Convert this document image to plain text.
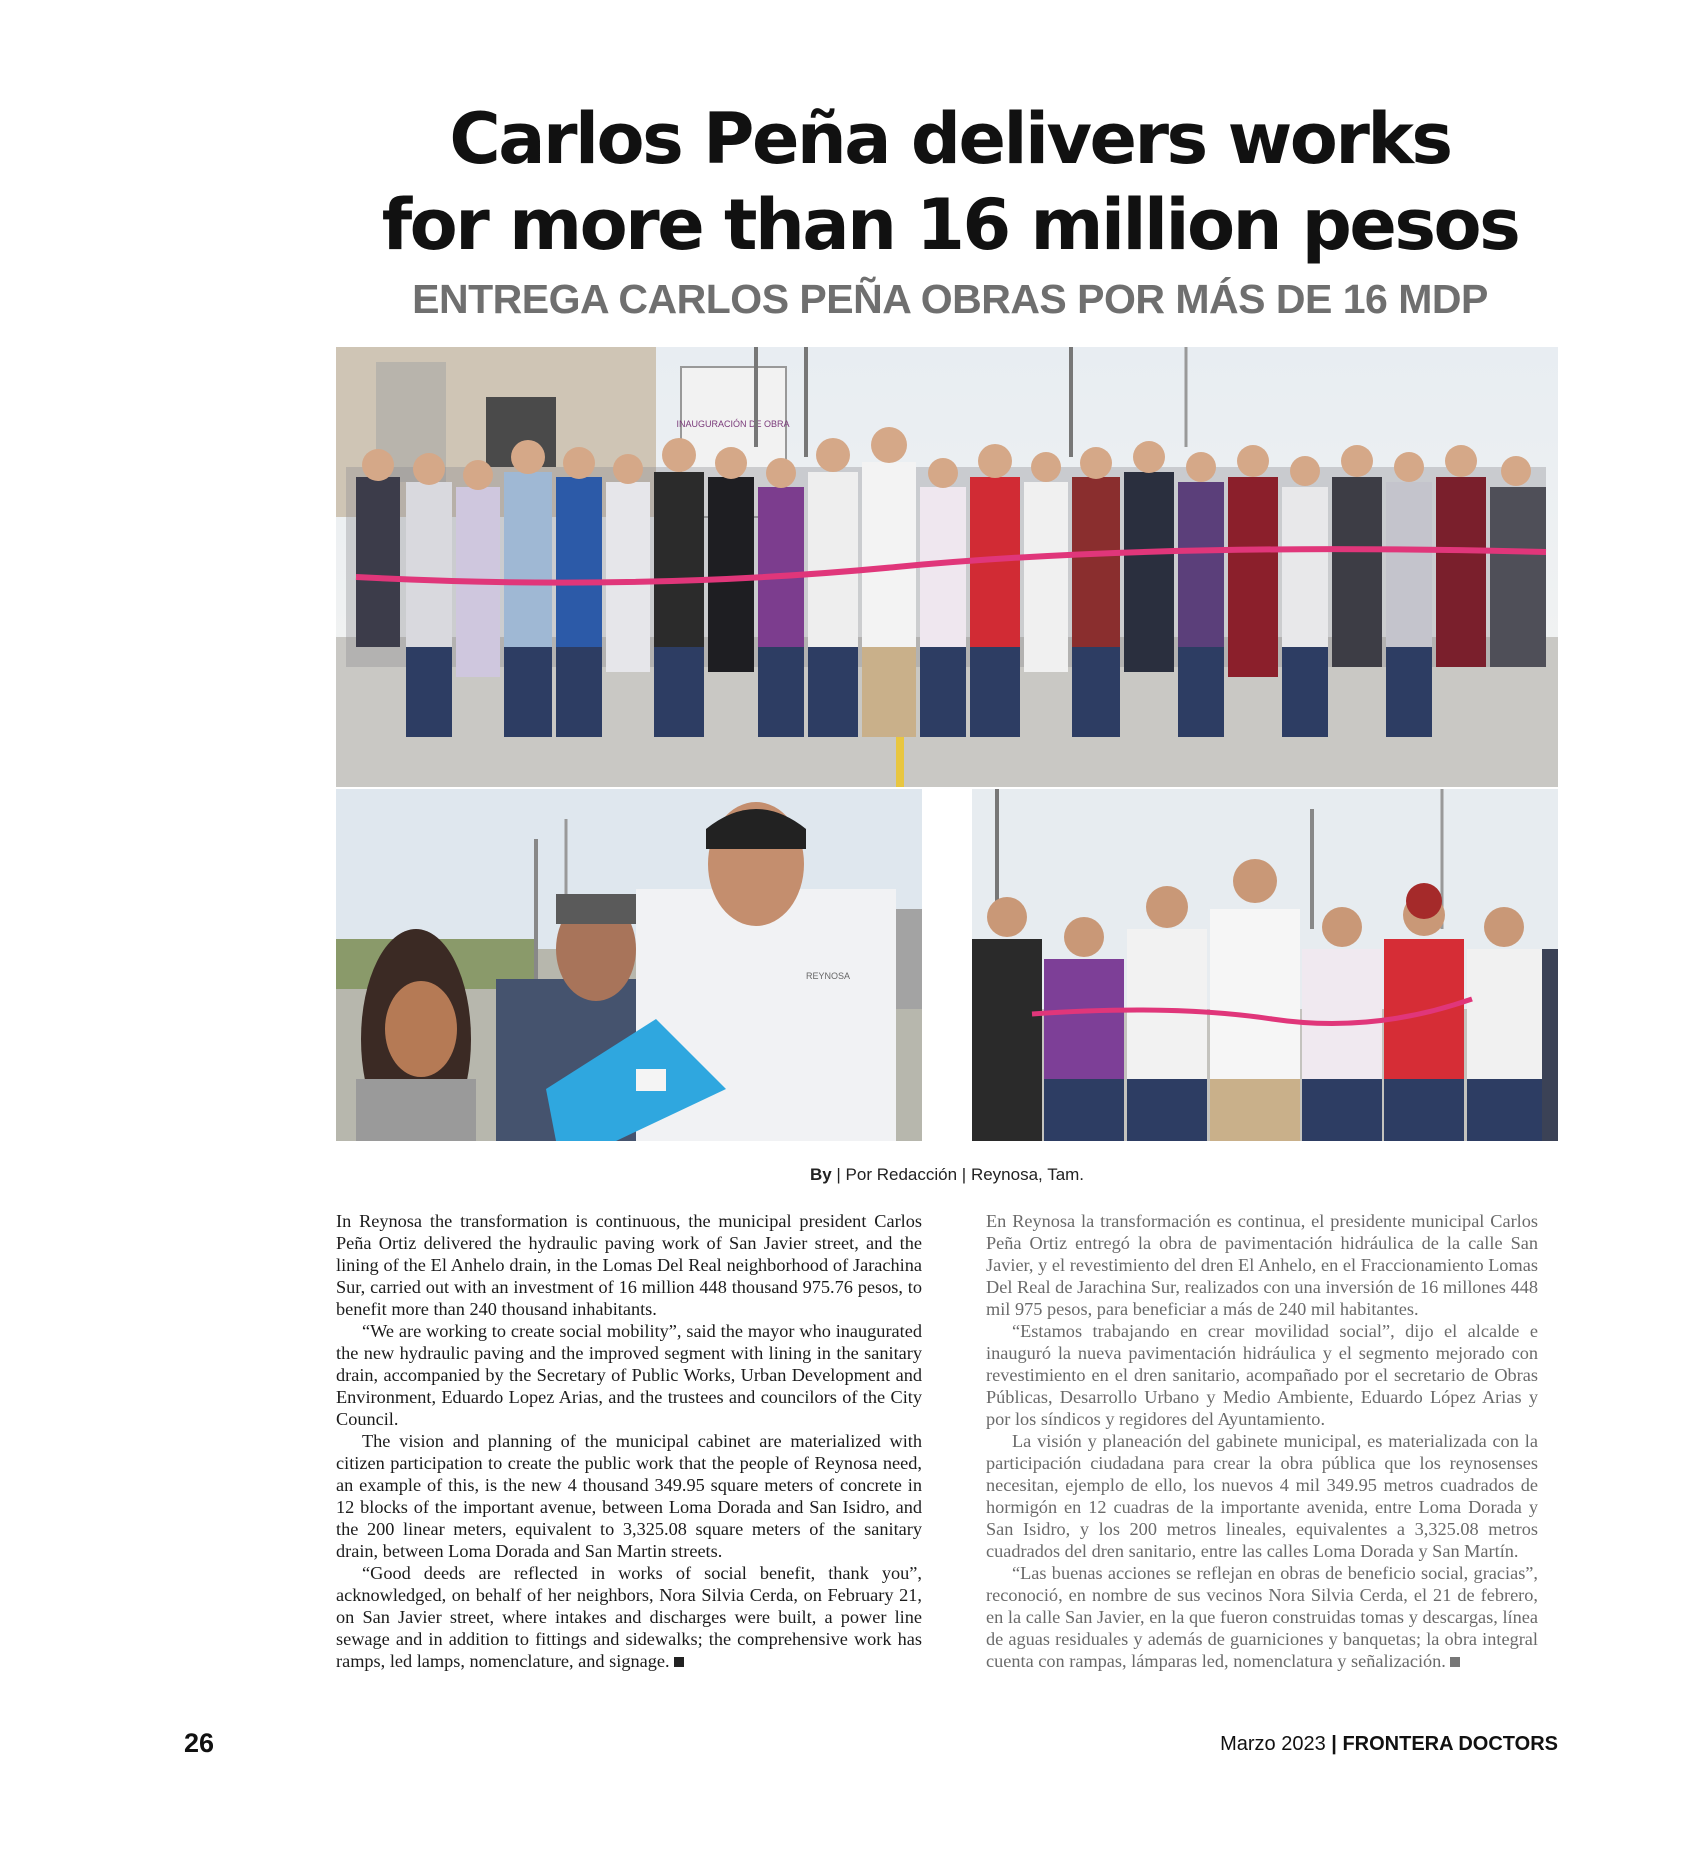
Carlos Peña delivers works
for more than 16 million pesos
ENTREGA CARLOS PEÑA OBRAS POR MÁS DE 16 MDP
INAUGURACIÓN DE OBRA
REYNOSA
By | Por Redacción | Reynosa, Tam.

In Reynosa the transformation is continuous, the municipal president Carlos Peña Ortiz delivered the hydraulic paving work of San Javier street, and the lining of the El Anhelo drain, in the Lomas Del Real neighborhood of Jarachina Sur, carried out with an investment of 16 million 448 thousand 975.76 pesos, to benefit more than 240 thousand inhabitants.

“We are working to create social mobility”, said the mayor who inaugurated the new hydraulic paving and the improved segment with lining in the sanitary drain, accompanied by the Secretary of Public Works, Urban Development and Environment, Eduardo Lopez Arias, and the trustees and councilors of the City Council.

The vision and planning of the municipal cabinet are materialized with citizen participation to create the public work that the people of Reynosa need, an example of this, is the new 4 thousand 349.95 square meters of concrete in 12 blocks of the important avenue, between Loma Dorada and San Isidro, and the 200 linear meters, equivalent to 3,325.08 square meters of the sanitary drain, between Loma Dorada and San Martin streets.

“Good deeds are reflected in works of social benefit, thank you”, acknowledged, on behalf of her neighbors, Nora Silvia Cerda, on February 21, on San Javier street, where intakes and discharges were built, a power line sewage and in addition to fittings and sidewalks; the comprehensive work has ramps, led lamps, nomenclature, and signage.

En Reynosa la transformación es continua, el presidente municipal Carlos Peña Ortiz entregó la obra de pavimentación hidráulica de la calle San Javier, y el revestimiento del dren El Anhelo, en el Fraccionamiento Lomas Del Real de Jarachina Sur, realizados con una inversión de 16 millones 448 mil 975 pesos, para beneficiar a más de 240 mil habitantes.

“Estamos trabajando en crear movilidad social”, dijo el alcalde e inauguró la nueva pavimentación hidráulica y el segmento mejorado con revestimiento en el dren sanitario, acompañado por el secretario de Obras Públicas, Desarrollo Urbano y Medio Ambiente, Eduardo López Arias y por los síndicos y regidores del Ayuntamiento.

La visión y planeación del gabinete municipal, es materializada con la participación ciudadana para crear la obra pública que los reynosenses necesitan, ejemplo de ello, los nuevos 4 mil 349.95 metros cuadrados de hormigón en 12 cuadras de la importante avenida, entre Loma Dorada y San Isidro, y los 200 metros lineales, equivalentes a 3,325.08 metros cuadrados del dren sanitario, entre las calles Loma Dorada y San Martín.

“Las buenas acciones se reflejan en obras de beneficio social, gracias”, reconoció, en nombre de sus vecinos Nora Silvia Cerda, el 21 de febrero, en la calle San Javier, en la que fueron construidas tomas y descargas, línea de aguas residuales y además de guarniciones y banquetas; la obra integral cuenta con rampas, lámparas led, nomenclatura y señalización.

26	Marzo 2023 | FRONTERA DOCTORS
